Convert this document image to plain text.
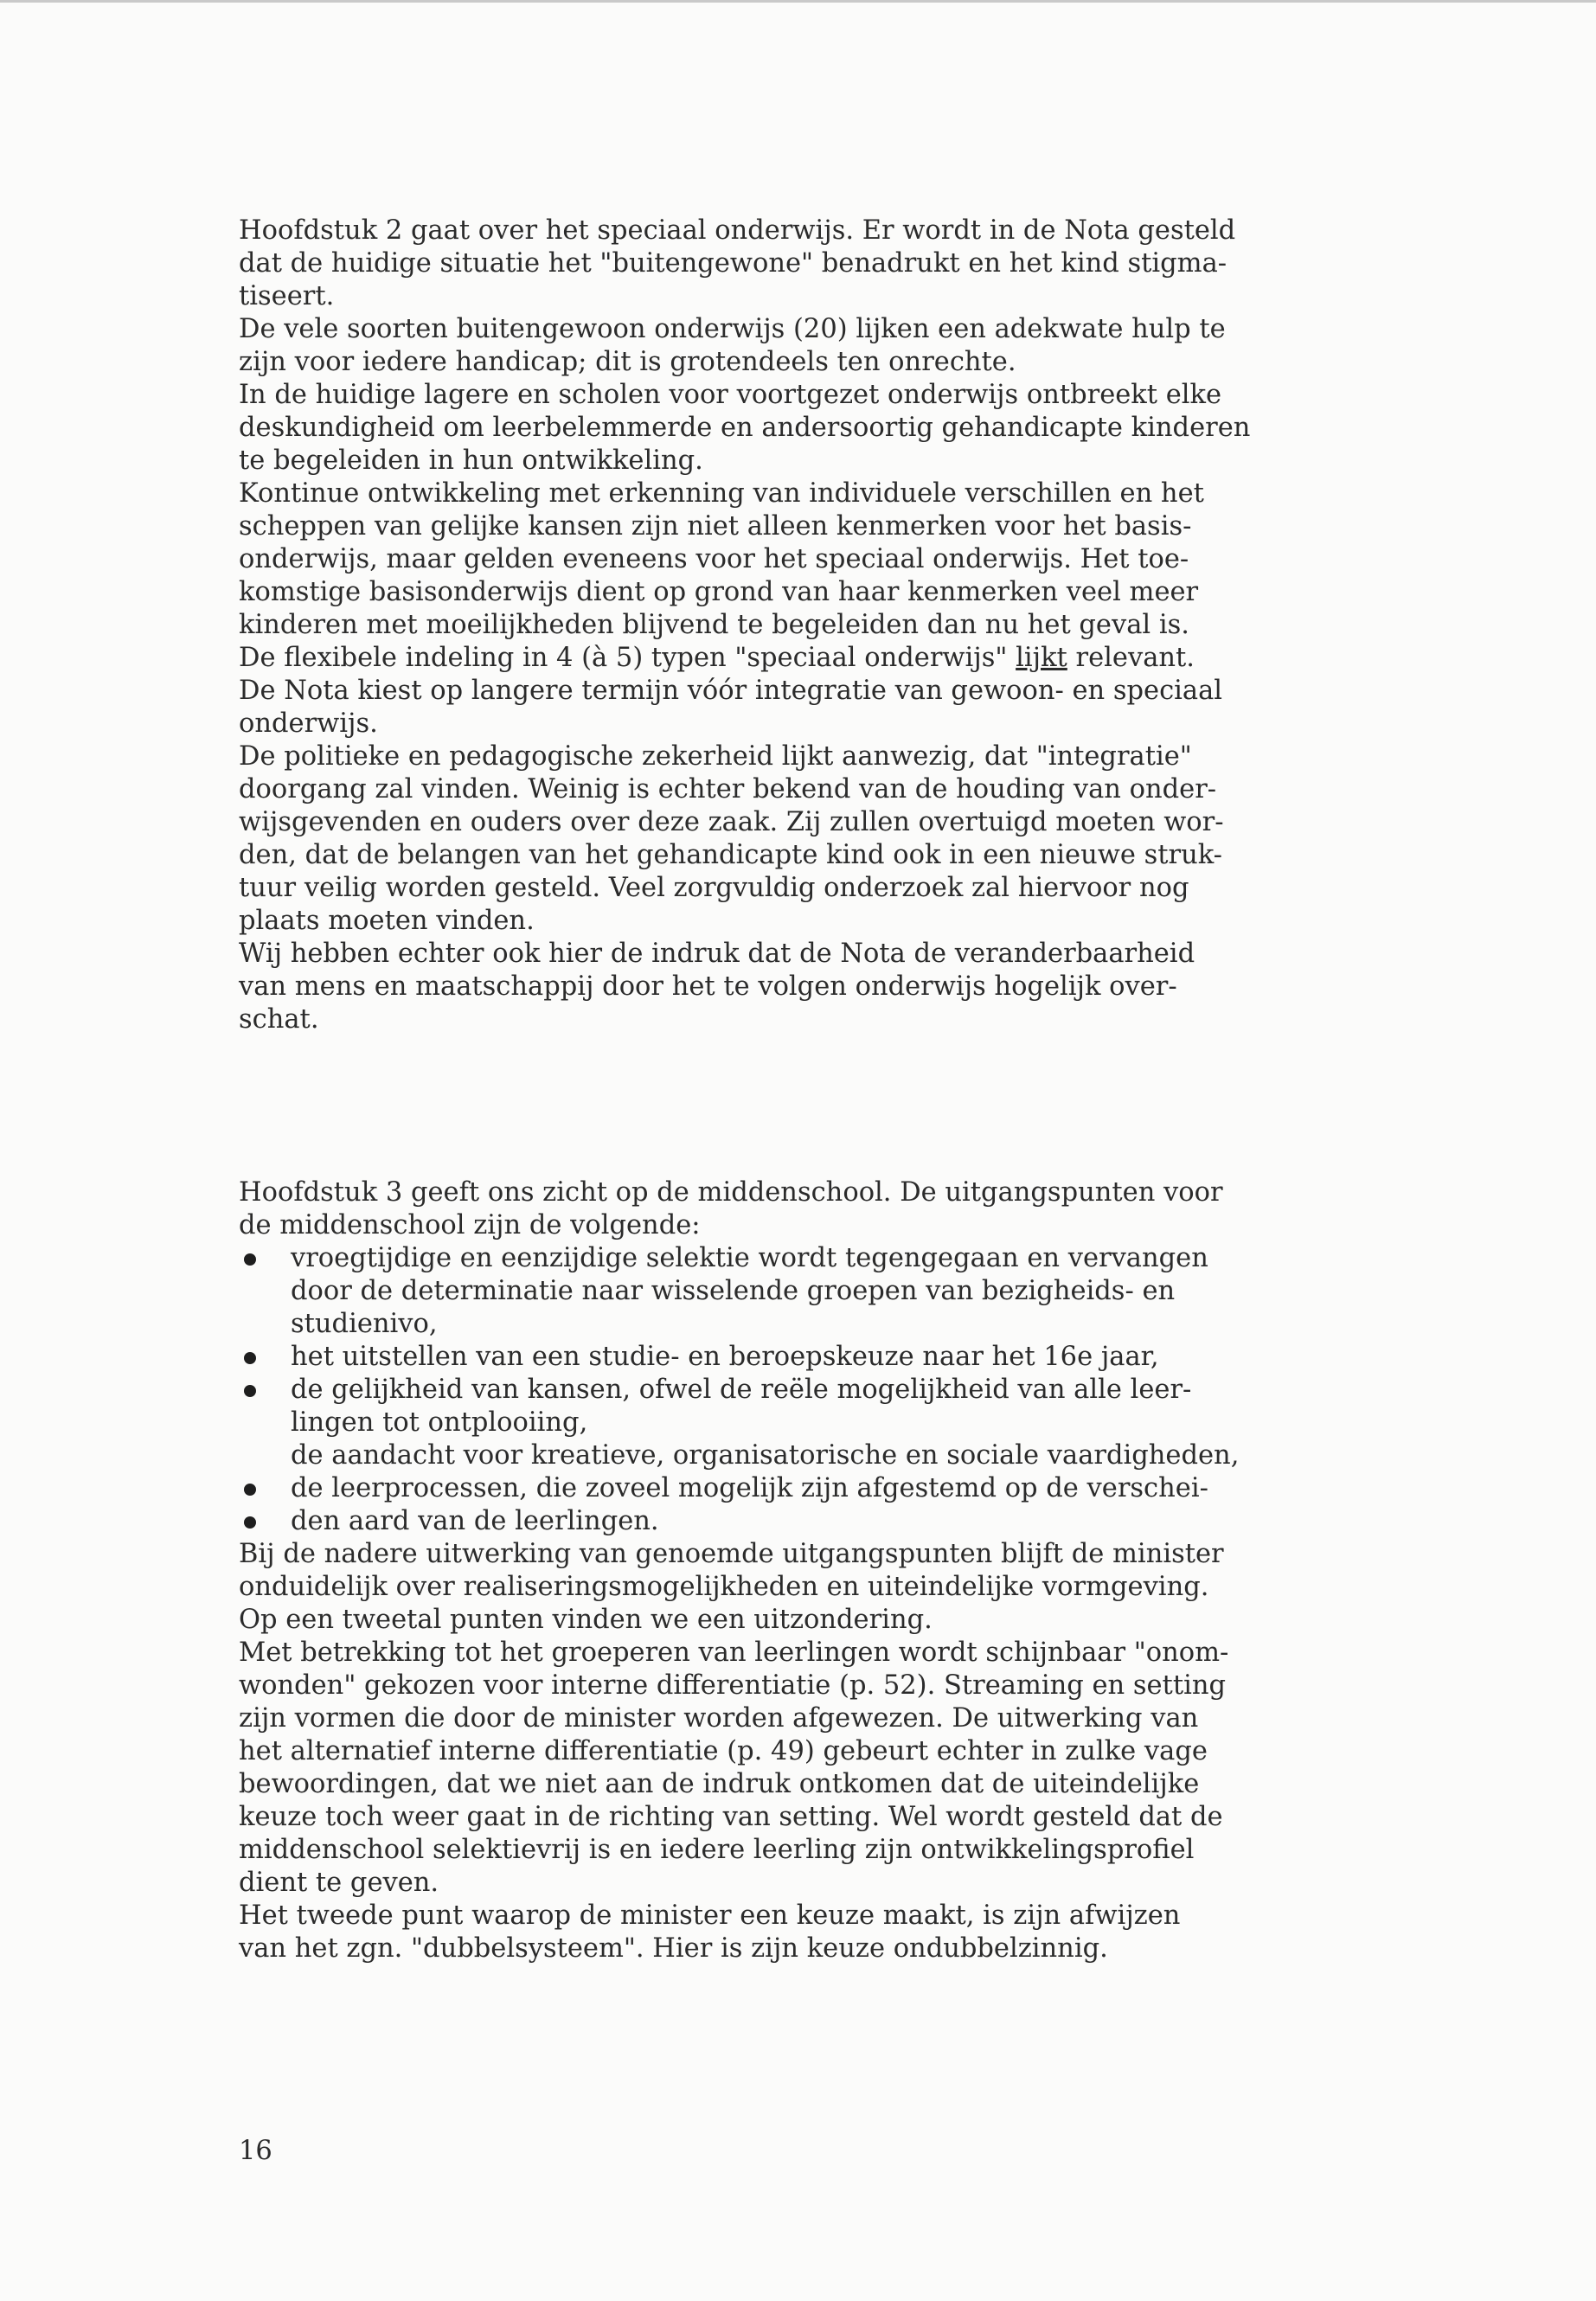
Hoofdstuk 2 gaat over het speciaal onderwijs. Er wordt in de Nota gesteld
dat de huidige situatie het "buitengewone" benadrukt en het kind stigma-
tiseert.
De vele soorten buitengewoon onderwijs (20) lijken een adekwate hulp te
zijn voor iedere handicap; dit is grotendeels ten onrechte.
In de huidige lagere en scholen voor voortgezet onderwijs ontbreekt elke
deskundigheid om leerbelemmerde en andersoortig gehandicapte kinderen
te begeleiden in hun ontwikkeling.
Kontinue ontwikkeling met erkenning van individuele verschillen en het
scheppen van gelijke kansen zijn niet alleen kenmerken voor het basis-
onderwijs, maar gelden eveneens voor het speciaal onderwijs. Het toe-
komstige basisonderwijs dient op grond van haar kenmerken veel meer
kinderen met moeilijkheden blijvend te begeleiden dan nu het geval is.
De flexibele indeling in 4 (à 5) typen "speciaal onderwijs" lijkt relevant.
De Nota kiest op langere termijn vóór integratie van gewoon- en speciaal
onderwijs.
De politieke en pedagogische zekerheid lijkt aanwezig, dat "integratie"
doorgang zal vinden. Weinig is echter bekend van de houding van onder-
wijsgevenden en ouders over deze zaak. Zij zullen overtuigd moeten wor-
den, dat de belangen van het gehandicapte kind ook in een nieuwe struk-
tuur veilig worden gesteld. Veel zorgvuldig onderzoek zal hiervoor nog
plaats moeten vinden.
Wij hebben echter ook hier de indruk dat de Nota de veranderbaarheid
van mens en maatschappij door het te volgen onderwijs hogelijk over-
schat.
Hoofdstuk 3 geeft ons zicht op de middenschool. De uitgangspunten voor
de middenschool zijn de volgende:
vroegtijdige en eenzijdige selektie wordt tegengegaan en vervangen
door de determinatie naar wisselende groepen van bezigheids- en
studienivo,
het uitstellen van een studie- en beroepskeuze naar het 16e jaar,
de gelijkheid van kansen, ofwel de reële mogelijkheid van alle leer-
lingen tot ontplooiing,
de aandacht voor kreatieve, organisatorische en sociale vaardigheden,
de leerprocessen, die zoveel mogelijk zijn afgestemd op de verschei-
den aard van de leerlingen.
Bij de nadere uitwerking van genoemde uitgangspunten blijft de minister
onduidelijk over realiseringsmogelijkheden en uiteindelijke vormgeving.
Op een tweetal punten vinden we een uitzondering.
Met betrekking tot het groeperen van leerlingen wordt schijnbaar "onom-
wonden" gekozen voor interne differentiatie (p. 52). Streaming en setting
zijn vormen die door de minister worden afgewezen. De uitwerking van
het alternatief interne differentiatie (p. 49) gebeurt echter in zulke vage
bewoordingen, dat we niet aan de indruk ontkomen dat de uiteindelijke
keuze toch weer gaat in de richting van setting. Wel wordt gesteld dat de
middenschool selektievrij is en iedere leerling zijn ontwikkelingsprofiel
dient te geven.
Het tweede punt waarop de minister een keuze maakt, is zijn afwijzen
van het zgn. "dubbelsysteem". Hier is zijn keuze ondubbelzinnig.
16
